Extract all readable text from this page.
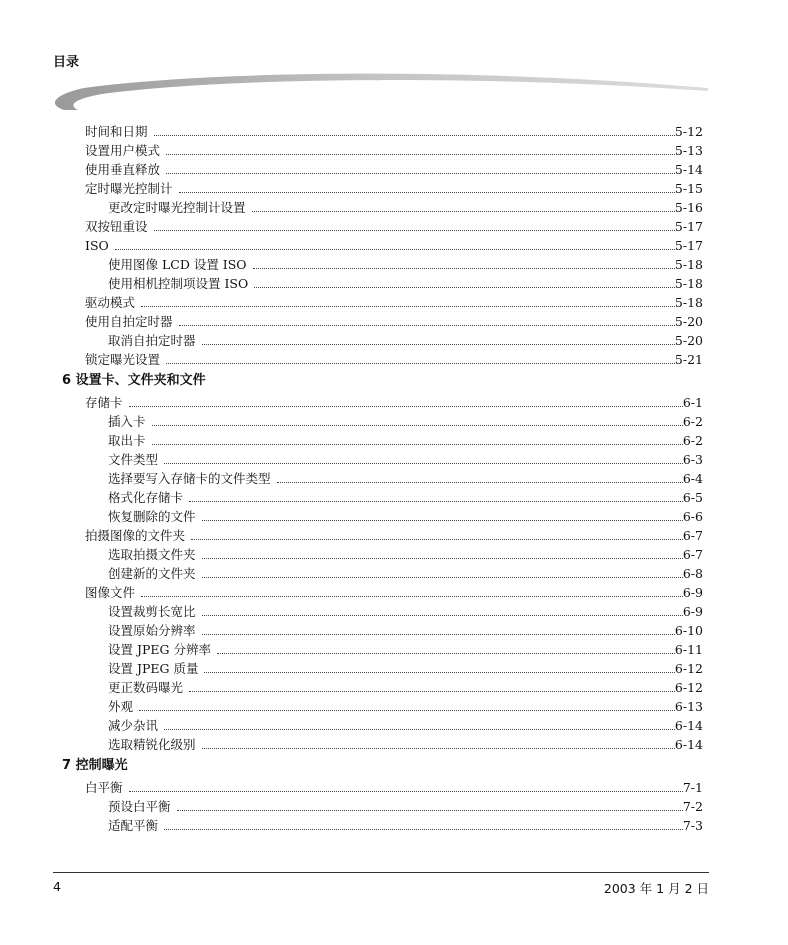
目录
时间和日期	5-12
设置用户模式	5-13
使用垂直释放	5-14
定时曝光控制计	5-15
更改定时曝光控制计设置	5-16
双按钮重设	5-17
ISO	5-17
使用图像 LCD 设置 ISO	5-18
使用相机控制项设置 ISO	5-18
驱动模式	5-18
使用自拍定时器	5-20
取消自拍定时器	5-20
锁定曝光设置	5-21
6 设置卡、文件夹和文件
存储卡	6-1
插入卡	6-2
取出卡	6-2
文件类型	6-3
选择要写入存储卡的文件类型	6-4
格式化存储卡	6-5
恢复删除的文件	6-6
拍摄图像的文件夹	6-7
选取拍摄文件夹	6-7
创建新的文件夹	6-8
图像文件	6-9
设置裁剪长宽比	6-9
设置原始分辨率	6-10
设置 JPEG 分辨率	6-11
设置 JPEG 质量	6-12
更正数码曝光	6-12
外观	6-13
减少杂讯	6-14
选取精锐化级别	6-14
7 控制曝光
白平衡	7-1
预设白平衡	7-2
适配平衡	7-3
4	2003 年 1 月 2 日
